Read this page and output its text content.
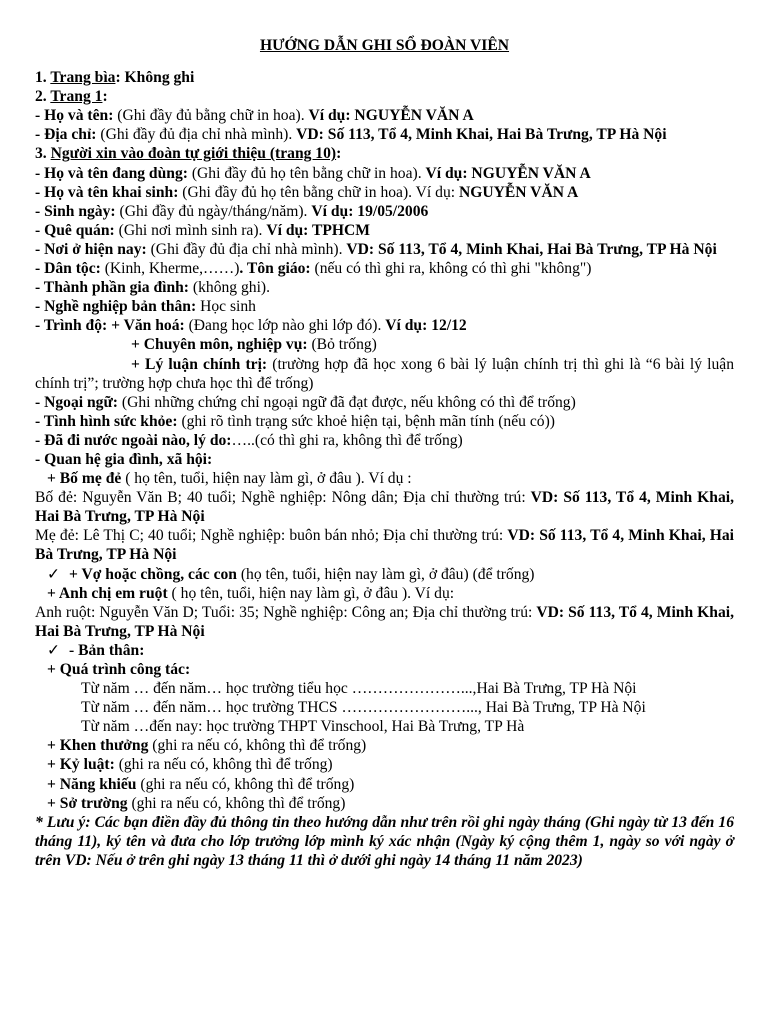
HƯỚNG DẪN GHI SỔ ĐOÀN VIÊN
1. Trang bìa: Không ghi
2. Trang 1:
- Họ và tên: (Ghi đầy đủ bằng chữ in hoa). Ví dụ: NGUYỄN VĂN A
- Địa chỉ: (Ghi đầy đủ địa chỉ nhà mình). VD: Số 113, Tổ 4, Minh Khai, Hai Bà Trưng, TP Hà Nội
3. Người xin vào đoàn tự giới thiệu (trang 10):
- Họ và tên đang dùng: (Ghi đầy đủ họ tên bằng chữ in hoa). Ví dụ: NGUYỄN VĂN A
- Họ và tên khai sinh: (Ghi đầy đủ họ tên bằng chữ in hoa). Ví dụ: NGUYỄN VĂN A
- Sinh ngày: (Ghi đầy đủ ngày/tháng/năm). Ví dụ: 19/05/2006
- Quê quán: (Ghi nơi mình sinh ra). Ví dụ: TPHCM
- Nơi ở hiện nay: (Ghi đầy đủ địa chỉ nhà mình). VD: Số 113, Tổ 4, Minh Khai, Hai Bà Trưng, TP Hà Nội
- Dân tộc: (Kinh, Kherme,……). Tôn giáo: (nếu có thì ghi ra, không có thì ghi "không")
- Thành phần gia đình: (không ghi).
- Nghề nghiệp bản thân: Học sinh
- Trình độ: + Văn hoá: (Đang học lớp nào ghi lớp đó). Ví dụ: 12/12
+ Chuyên môn, nghiệp vụ: (Bỏ trống)
+ Lý luận chính trị: (trường hợp đã học xong 6 bài lý luận chính trị thì ghi là “6 bài lý luận chính trị”; trường hợp chưa học thì để trống)
- Ngoại ngữ: (Ghi những chứng chỉ ngoại ngữ đã đạt được, nếu không có thì để trống)
- Tình hình sức khỏe: (ghi rõ tình trạng sức khoẻ hiện tại, bệnh mãn tính (nếu có))
- Đã đi nước ngoài nào, lý do:…..(có thì ghi ra, không thì để trống)
- Quan hệ gia đình, xã hội:
+ Bố mẹ đẻ ( họ tên, tuổi, hiện nay làm gì, ở đâu ). Ví dụ :
Bố đẻ: Nguyễn Văn B; 40 tuổi; Nghề nghiệp: Nông dân; Địa chỉ thường trú: VD: Số 113, Tổ 4, Minh Khai, Hai Bà Trưng, TP Hà Nội
Mẹ đẻ: Lê Thị C; 40 tuổi; Nghề nghiệp: buôn bán nhỏ; Địa chỉ thường trú: VD: Số 113, Tổ 4, Minh Khai, Hai Bà Trưng, TP Hà Nội
✓ + Vợ hoặc chồng, các con (họ tên, tuổi, hiện nay làm gì, ở đâu) (để trống)
+ Anh chị em ruột ( họ tên, tuổi, hiện nay làm gì, ở đâu ). Ví dụ:
Anh ruột: Nguyễn Văn D; Tuổi: 35; Nghề nghiệp: Công an; Địa chỉ thường trú: VD: Số 113, Tổ 4, Minh Khai, Hai Bà Trưng, TP Hà Nội
✓ - Bản thân:
+ Quá trình công tác:
Từ năm … đến năm… học trường tiểu học …………………...,Hai Bà Trưng, TP Hà Nội
Từ năm … đến năm… học trường THCS ……………………..., Hai Bà Trưng, TP Hà Nội
Từ năm …đến nay: học trường THPT Vinschool, Hai Bà Trưng, TP Hà
+ Khen thưởng (ghi ra nếu có, không thì để trống)
+ Kỷ luật: (ghi ra nếu có, không thì để trống)
+ Năng khiếu (ghi ra nếu có, không thì để trống)
+ Sở trường (ghi ra nếu có, không thì để trống)
* Lưu ý: Các bạn điền đầy đủ thông tin theo hướng dẫn như trên rồi ghi ngày tháng (Ghi ngày từ 13 đến 16 tháng 11), ký tên và đưa cho lớp trưởng lớp mình ký xác nhận (Ngày ký cộng thêm 1, ngày so với ngày ở trên VD: Nếu ở trên ghi ngày 13 tháng 11 thì ở dưới ghi ngày 14 tháng 11 năm 2023)
